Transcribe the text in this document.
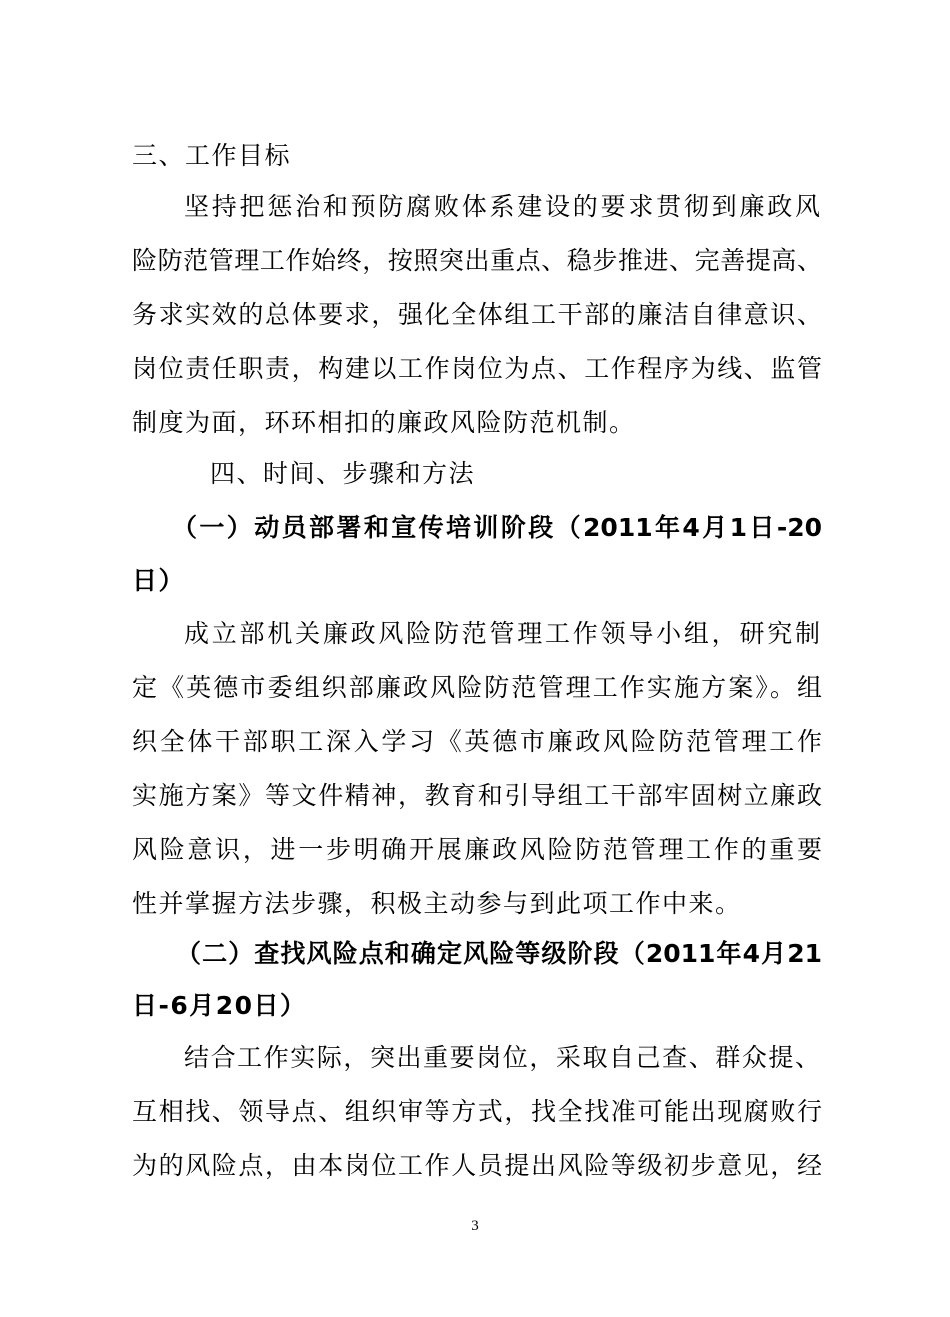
三、工作目标
坚持把惩治和预防腐败体系建设的要求贯彻到廉政风
险防范管理工作始终，按照突出重点、稳步推进、完善提高、
务求实效的总体要求，强化全体组工干部的廉洁自律意识、
岗位责任职责，构建以工作岗位为点、工作程序为线、监管
制度为面，环环相扣的廉政风险防范机制。
四、时间、步骤和方法
（一）动员部署和宣传培训阶段（2011年4月1日-20
日）
成立部机关廉政风险防范管理工作领导小组，研究制
定《英德市委组织部廉政风险防范管理工作实施方案》。组
织全体干部职工深入学习《英德市廉政风险防范管理工作
实施方案》等文件精神，教育和引导组工干部牢固树立廉政
风险意识，进一步明确开展廉政风险防范管理工作的重要
性并掌握方法步骤，积极主动参与到此项工作中来。
（二）查找风险点和确定风险等级阶段（2011年4月21
日-6月20日）
结合工作实际，突出重要岗位，采取自己查、群众提、
互相找、领导点、组织审等方式，找全找准可能出现腐败行
为的风险点，由本岗位工作人员提出风险等级初步意见，经
3
